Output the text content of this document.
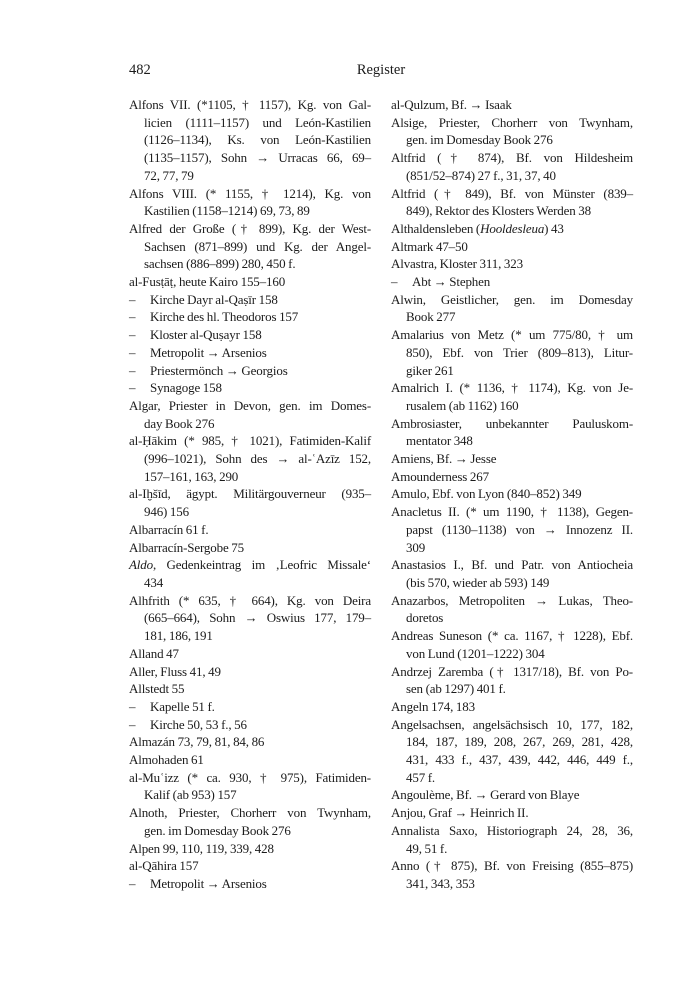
482	Register
Alfons VII. (*1105, † 1157), Kg. von Gal-
licien (1111–1157) und León-Kastilien
(1126–1134), Ks. von León-Kastilien
(1135–1157), Sohn → Urracas 66, 69–
72, 77, 79
Alfons VIII. (* 1155, † 1214), Kg. von
Kastilien (1158–1214) 69, 73, 89
Alfred der Große († 899), Kg. der West-
Sachsen (871–899) und Kg. der Angel-
sachsen (886–899) 280, 450 f.
al-Fusṭāṭ, heute Kairo 155–160
– Kirche Dayr al-Qaṣīr 158
– Kirche des hl. Theodoros 157
– Kloster al-Quṣayr 158
– Metropolit → Arsenios
– Priestermönch → Georgios
– Synagoge 158
Algar, Priester in Devon, gen. im Domes-
day Book 276
al-Ḥākim (* 985, † 1021), Fatimiden-Kalif
(996–1021), Sohn des → al-ʿAzīz 152,
157–161, 163, 290
al-Iḫšīd, ägypt. Militärgouverneur (935–
946) 156
Albarracín 61 f.
Albarracín-Sergobe 75
Aldo, Gedenkeintrag im ‚Leofric Missale‘
434
Alhfrith (* 635, † 664), Kg. von Deira
(665–664), Sohn → Oswius 177, 179–
181, 186, 191
Alland 47
Aller, Fluss 41, 49
Allstedt 55
– Kapelle 51 f.
– Kirche 50, 53 f., 56
Almazán 73, 79, 81, 84, 86
Almohaden 61
al-Muʿizz (* ca. 930, † 975), Fatimiden-
Kalif (ab 953) 157
Alnoth, Priester, Chorherr von Twynham,
gen. im Domesday Book 276
Alpen 99, 110, 119, 339, 428
al-Qāhira 157
– Metropolit → Arsenios
al-Qulzum, Bf. → Isaak
Alsige, Priester, Chorherr von Twynham,
gen. im Domesday Book 276
Altfrid († 874), Bf. von Hildesheim
(851/52–874) 27 f., 31, 37, 40
Altfrid († 849), Bf. von Münster (839–
849), Rektor des Klosters Werden 38
Althaldensleben (Hooldesleua) 43
Altmark 47–50
Alvastra, Kloster 311, 323
– Abt → Stephen
Alwin, Geistlicher, gen. im Domesday
Book 277
Amalarius von Metz (* um 775/80, † um
850), Ebf. von Trier (809–813), Litur-
giker 261
Amalrich I. (* 1136, † 1174), Kg. von Je-
rusalem (ab 1162) 160
Ambrosiaster, unbekannter Pauluskom-
mentator 348
Amiens, Bf. → Jesse
Amounderness 267
Amulo, Ebf. von Lyon (840–852) 349
Anacletus II. (* um 1190, † 1138), Gegen-
papst (1130–1138) von → Innozenz II.
309
Anastasios I., Bf. und Patr. von Antiocheia
(bis 570, wieder ab 593) 149
Anazarbos, Metropoliten → Lukas, Theo-
doretos
Andreas Suneson (* ca. 1167, † 1228), Ebf.
von Lund (1201–1222) 304
Andrzej Zaremba († 1317/18), Bf. von Po-
sen (ab 1297) 401 f.
Angeln 174, 183
Angelsachsen, angelsächsisch 10, 177, 182,
184, 187, 189, 208, 267, 269, 281, 428,
431, 433 f., 437, 439, 442, 446, 449 f.,
457 f.
Angoulème, Bf. → Gerard von Blaye
Anjou, Graf → Heinrich II.
Annalista Saxo, Historiograph 24, 28, 36,
49, 51 f.
Anno († 875), Bf. von Freising (855–875)
341, 343, 353
